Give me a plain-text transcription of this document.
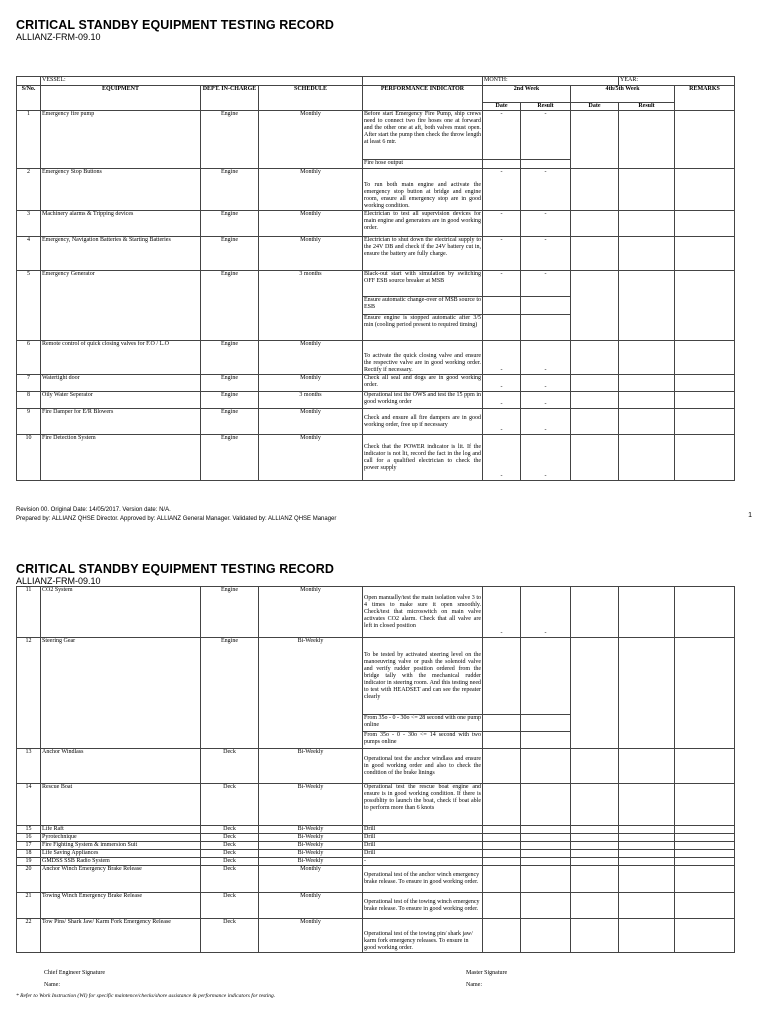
CRITICAL STANDBY EQUIPMENT TESTING RECORD
ALLIANZ-FRM-09.10
	VESSEL:				MONTH:			YEAR:	
S/No.	EQUIPMENT	DEPT. IN-CHARGE	SCHEDULE	PERFORMANCE INDICATOR	2nd Week		4th/5th Week		REMARKS
					Date	Result	Date	Result	
1	Emergency fire pump	Engine	Monthly	Before start Emergency Fire Pump, ship crews need to connect two fire hoses one at forward and the other one at aft, both valves must open. After start the pump then check the throw length at least 6 mtr.	-	-			
				Fire hose output					
2	Emergency Stop Buttons	Engine	Monthly	To run both main engine and activate the emergency stop button at bridge and engine room, ensure all emergency stop are in good working condition.	-	-			
3	Machinery alarms & Tripping devices	Engine	Monthly	Electrician to test all supervision devices for main engine and generators are in good working order.	-	-			
4	Emergency, Navigation Batteries & Starting Batteries	Engine	Monthly	Electrician to shut down the electrical supply to the 24V DB and check if the 24V battery cut in, ensure the battery are fully charge.	-	-			
5	Emergency Generator	Engine	3 months	Black-out start with simulation by switching OFF ESB source breaker at MSB	-	-			
				Ensure automatic change-over of MSB source to ESB					
				Ensure engine is stopped automatic after 3/5 min (cooling period present to required timing)					
6	Remote control of quick closing valves for F.O / L.O	Engine	Monthly	To activate the quick closing valve and ensure the respective valve are in good working order. Rectify if necessary.	-	-			
7	Watertight door	Engine	Monthly	Check all seal and dogs are in good working order.	-	-			
8	Oily Water Seperator	Engine	3 months	Operational test the OWS and test the 15 ppm in good working order	-	-			
9	Fire Damper for E/R Blowers	Engine	Monthly	Check and ensure all fire dampers are in good working order, free up if necessary	-	-			
10	Fire Detection System	Engine	Monthly	Check that the POWER indicator is lit. If the indicator is not lit, record the fact in the log and call for a qualified electrician to check the power supply	-	-			
Revision 00. Original Date: 14/05/2017. Version date: N/A.
Prepared by: ALLIANZ QHSE Director. Approved by: ALLIANZ General Manager. Validated by: ALLIANZ QHSE Manager	1
CRITICAL STANDBY EQUIPMENT TESTING RECORD
ALLIANZ-FRM-09.10
11	CO2 System	Engine	Monthly	Open manually/test the main isolation valve 3 to 4 times to make sure it open smoothly. Check/test that microswitch on main valve activates CO2 alarm. Check that all valve are left in closed position	-	-			
12	Steering Gear	Engine	Bi-Weekly	To be tested by activated steering level on the manoeuvring valve or push the solenoid valve and verify rudder position ordered from the bridge tally with the mechanical rudder indicator in steering room. And this testing need to test with HEADSET and can see the repeater clearly					
				From 35o - 0 - 30o <= 28 second with one pump online					
				From 35o - 0 - 30o <= 14 second with two pumps online					
13	Anchor Windlass	Deck	Bi-Weekly	Operational test the anchor windlass and ensure in good working order and also to check the condition of the brake linings					
14	Rescue Boat	Deck	Bi-Weekly	Operational test the rescue boat engine and ensure is in good working condition. If there is possiblity to launch the boat, check if boat able to perform more than 6 knots					
15	Life Raft	Deck	Bi-Weekly	Drill					
16	Pyrotechnique	Deck	Bi-Weekly	Drill					
17	Fire Fighting System & immersion Suit	Deck	Bi-Weekly	Drill					
18	Life Saving Appliances	Deck	Bi-Weekly	Drill					
19	GMDSS SSB Radio System	Deck	Bi-Weekly	-					
20	Anchor Winch Emergency Brake Release	Deck	Monthly	Operational test of the anchor winch emergency brake release. To ensure in good working order.					
21	Towing Winch Emergency Brake Release	Deck	Monthly	Operational test of the towing winch emergency brake release. To ensure in good working order.					
22	Tow Pins/ Shark Jaw/ Karm Fork Emergency Release	Deck	Monthly	Operational test of the towing pin/ shark jaw/ karm fork emergency releases. To ensure in good working order.					
Chief Engineer Signature	Master Signature
Name:	Name:
* Refer to Work Instruction (WI) for specific maintence/checks/shore assistance & performance indicators for testing.
